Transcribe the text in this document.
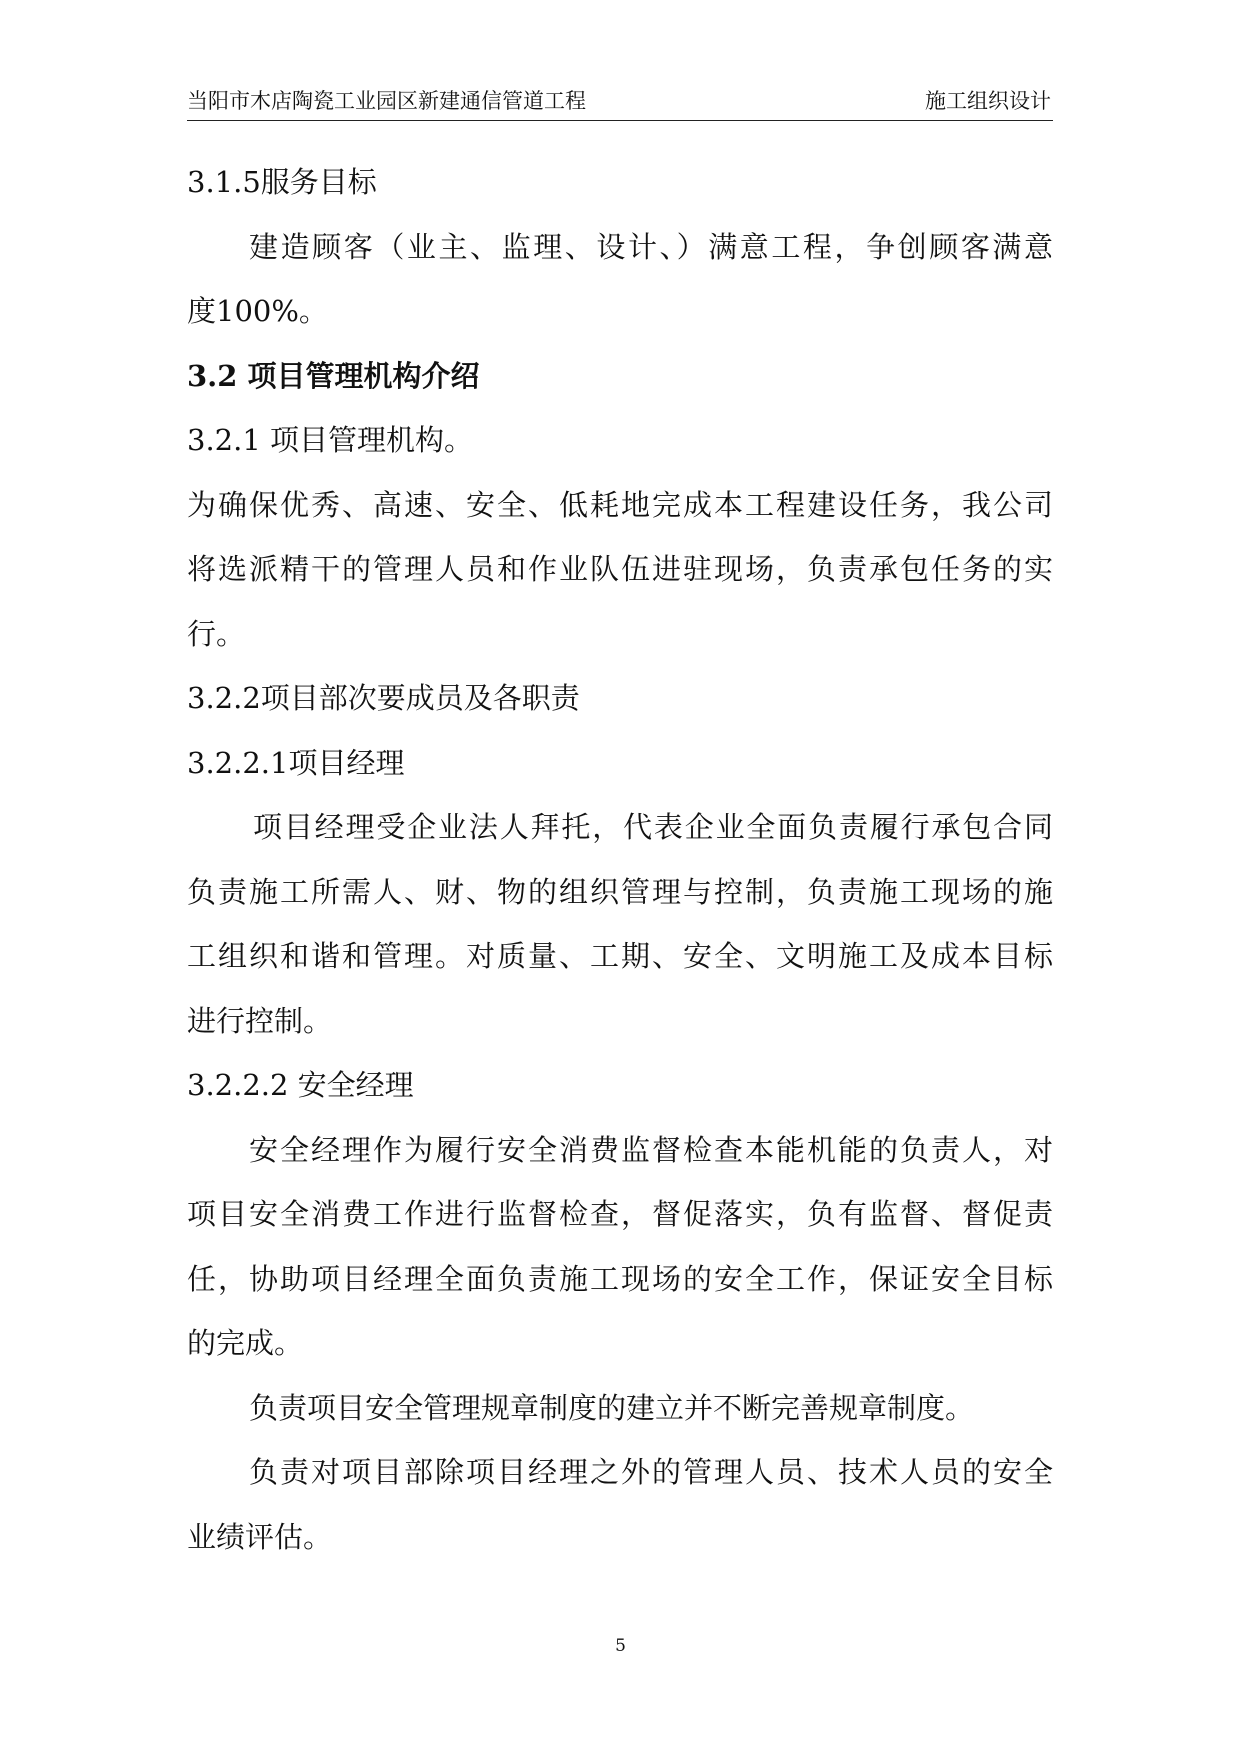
当阳市木店陶瓷工业园区新建通信管道工程	施工组织设计
3.1.5服务目标
建造顾客（业主、监理、设计、）满意工程，争创顾客满意
度100%。
3.2 项目管理机构介绍
3.2.1 项目管理机构。
为确保优秀、高速、安全、低耗地完成本工程建设任务，我公司
将选派精干的管理人员和作业队伍进驻现场，负责承包任务的实
行。
3.2.2项目部次要成员及各职责
3.2.2.1项目经理
项目经理受企业法人拜托，代表企业全面负责履行承包合同
负责施工所需人、财、物的组织管理与控制，负责施工现场的施
工组织和谐和管理。对质量、工期、安全、文明施工及成本目标
进行控制。
3.2.2.2 安全经理
安全经理作为履行安全消费监督检查本能机能的负责人，对
项目安全消费工作进行监督检查，督促落实，负有监督、督促责
任，协助项目经理全面负责施工现场的安全工作，保证安全目标
的完成。
负责项目安全管理规章制度的建立并不断完善规章制度。
负责对项目部除项目经理之外的管理人员、技术人员的安全
业绩评估。
5
